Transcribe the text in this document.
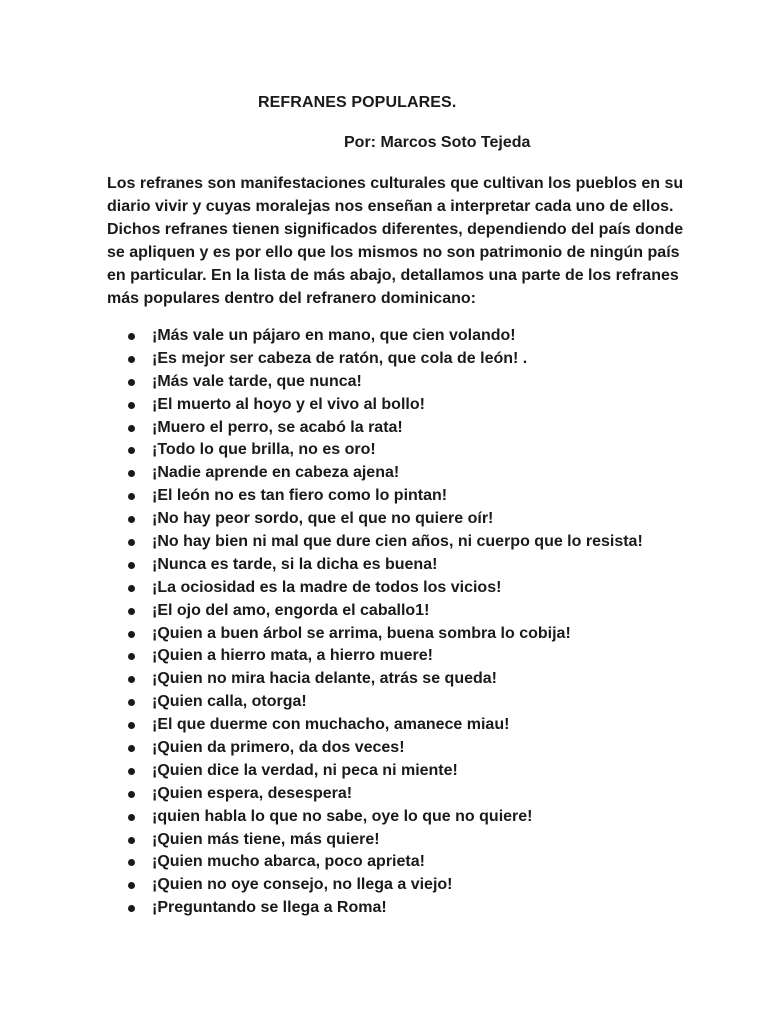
REFRANES POPULARES.
Por: Marcos Soto Tejeda
Los refranes son manifestaciones culturales que cultivan los pueblos en su
diario vivir y cuyas moralejas nos enseñan a interpretar cada uno de ellos.
Dichos refranes tienen significados diferentes, dependiendo del país donde
se apliquen y es por ello que los mismos no son patrimonio de ningún país
en particular. En la lista de más abajo, detallamos una parte de los refranes
más populares dentro del refranero dominicano:
¡Más vale un pájaro en mano, que cien volando!
¡Es mejor ser cabeza de ratón, que cola de león! .
¡Más vale tarde, que nunca!
¡El muerto al hoyo y el vivo al bollo!
¡Muero el perro, se acabó la rata!
¡Todo lo que brilla, no es oro!
¡Nadie aprende en cabeza ajena!
¡El león no es tan fiero como lo pintan!
¡No hay peor sordo, que el que no quiere oír!
¡No hay bien ni mal que dure cien años, ni cuerpo que lo resista!
¡Nunca es tarde, si la dicha es buena!
¡La ociosidad es la madre de todos los vicios!
¡El ojo del amo, engorda el caballo1!
¡Quien a buen árbol se arrima, buena sombra lo cobija!
¡Quien a hierro mata, a hierro muere!
¡Quien no mira hacia delante, atrás se queda!
¡Quien calla, otorga!
¡El que duerme con muchacho, amanece miau!
¡Quien da primero, da dos veces!
¡Quien dice la verdad, ni peca ni miente!
¡Quien espera, desespera!
¡quien habla lo que no sabe, oye lo que no quiere!
¡Quien más tiene, más quiere!
¡Quien mucho abarca, poco aprieta!
¡Quien no oye consejo, no llega a viejo!
¡Preguntando se llega a Roma!
